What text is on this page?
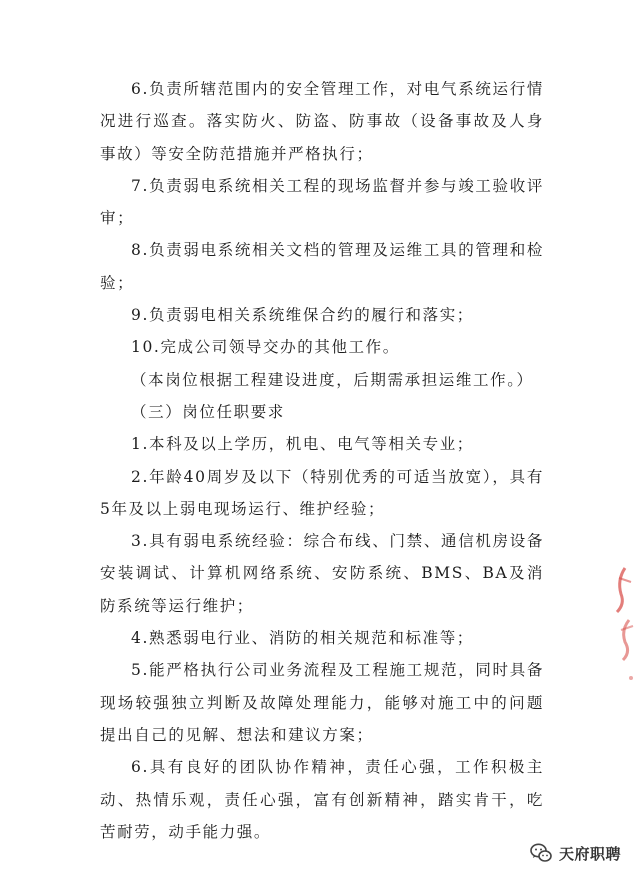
6.负责所辖范围内的安全管理工作，对电气系统运行情况进行巡查。落实防火、防盗、防事故（设备事故及人身事故）等安全防范措施并严格执行；

7.负责弱电系统相关工程的现场监督并参与竣工验收评审；

8.负责弱电系统相关文档的管理及运维工具的管理和检验；

9.负责弱电相关系统维保合约的履行和落实；

10.完成公司领导交办的其他工作。

（本岗位根据工程建设进度，后期需承担运维工作。）

（三）岗位任职要求

1.本科及以上学历，机电、电气等相关专业；

2.年龄40周岁及以下（特别优秀的可适当放宽），具有5年及以上弱电现场运行、维护经验；

3.具有弱电系统经验：综合布线、门禁、通信机房设备安装调试、计算机网络系统、安防系统、BMS、BA及消防系统等运行维护；

4.熟悉弱电行业、消防的相关规范和标准等；

5.能严格执行公司业务流程及工程施工规范，同时具备现场较强独立判断及故障处理能力，能够对施工中的问题提出自己的见解、想法和建议方案；

6.具有良好的团队协作精神，责任心强，工作积极主动、热情乐观，责任心强，富有创新精神，踏实肯干，吃苦耐劳，动手能力强。

天府职聘
